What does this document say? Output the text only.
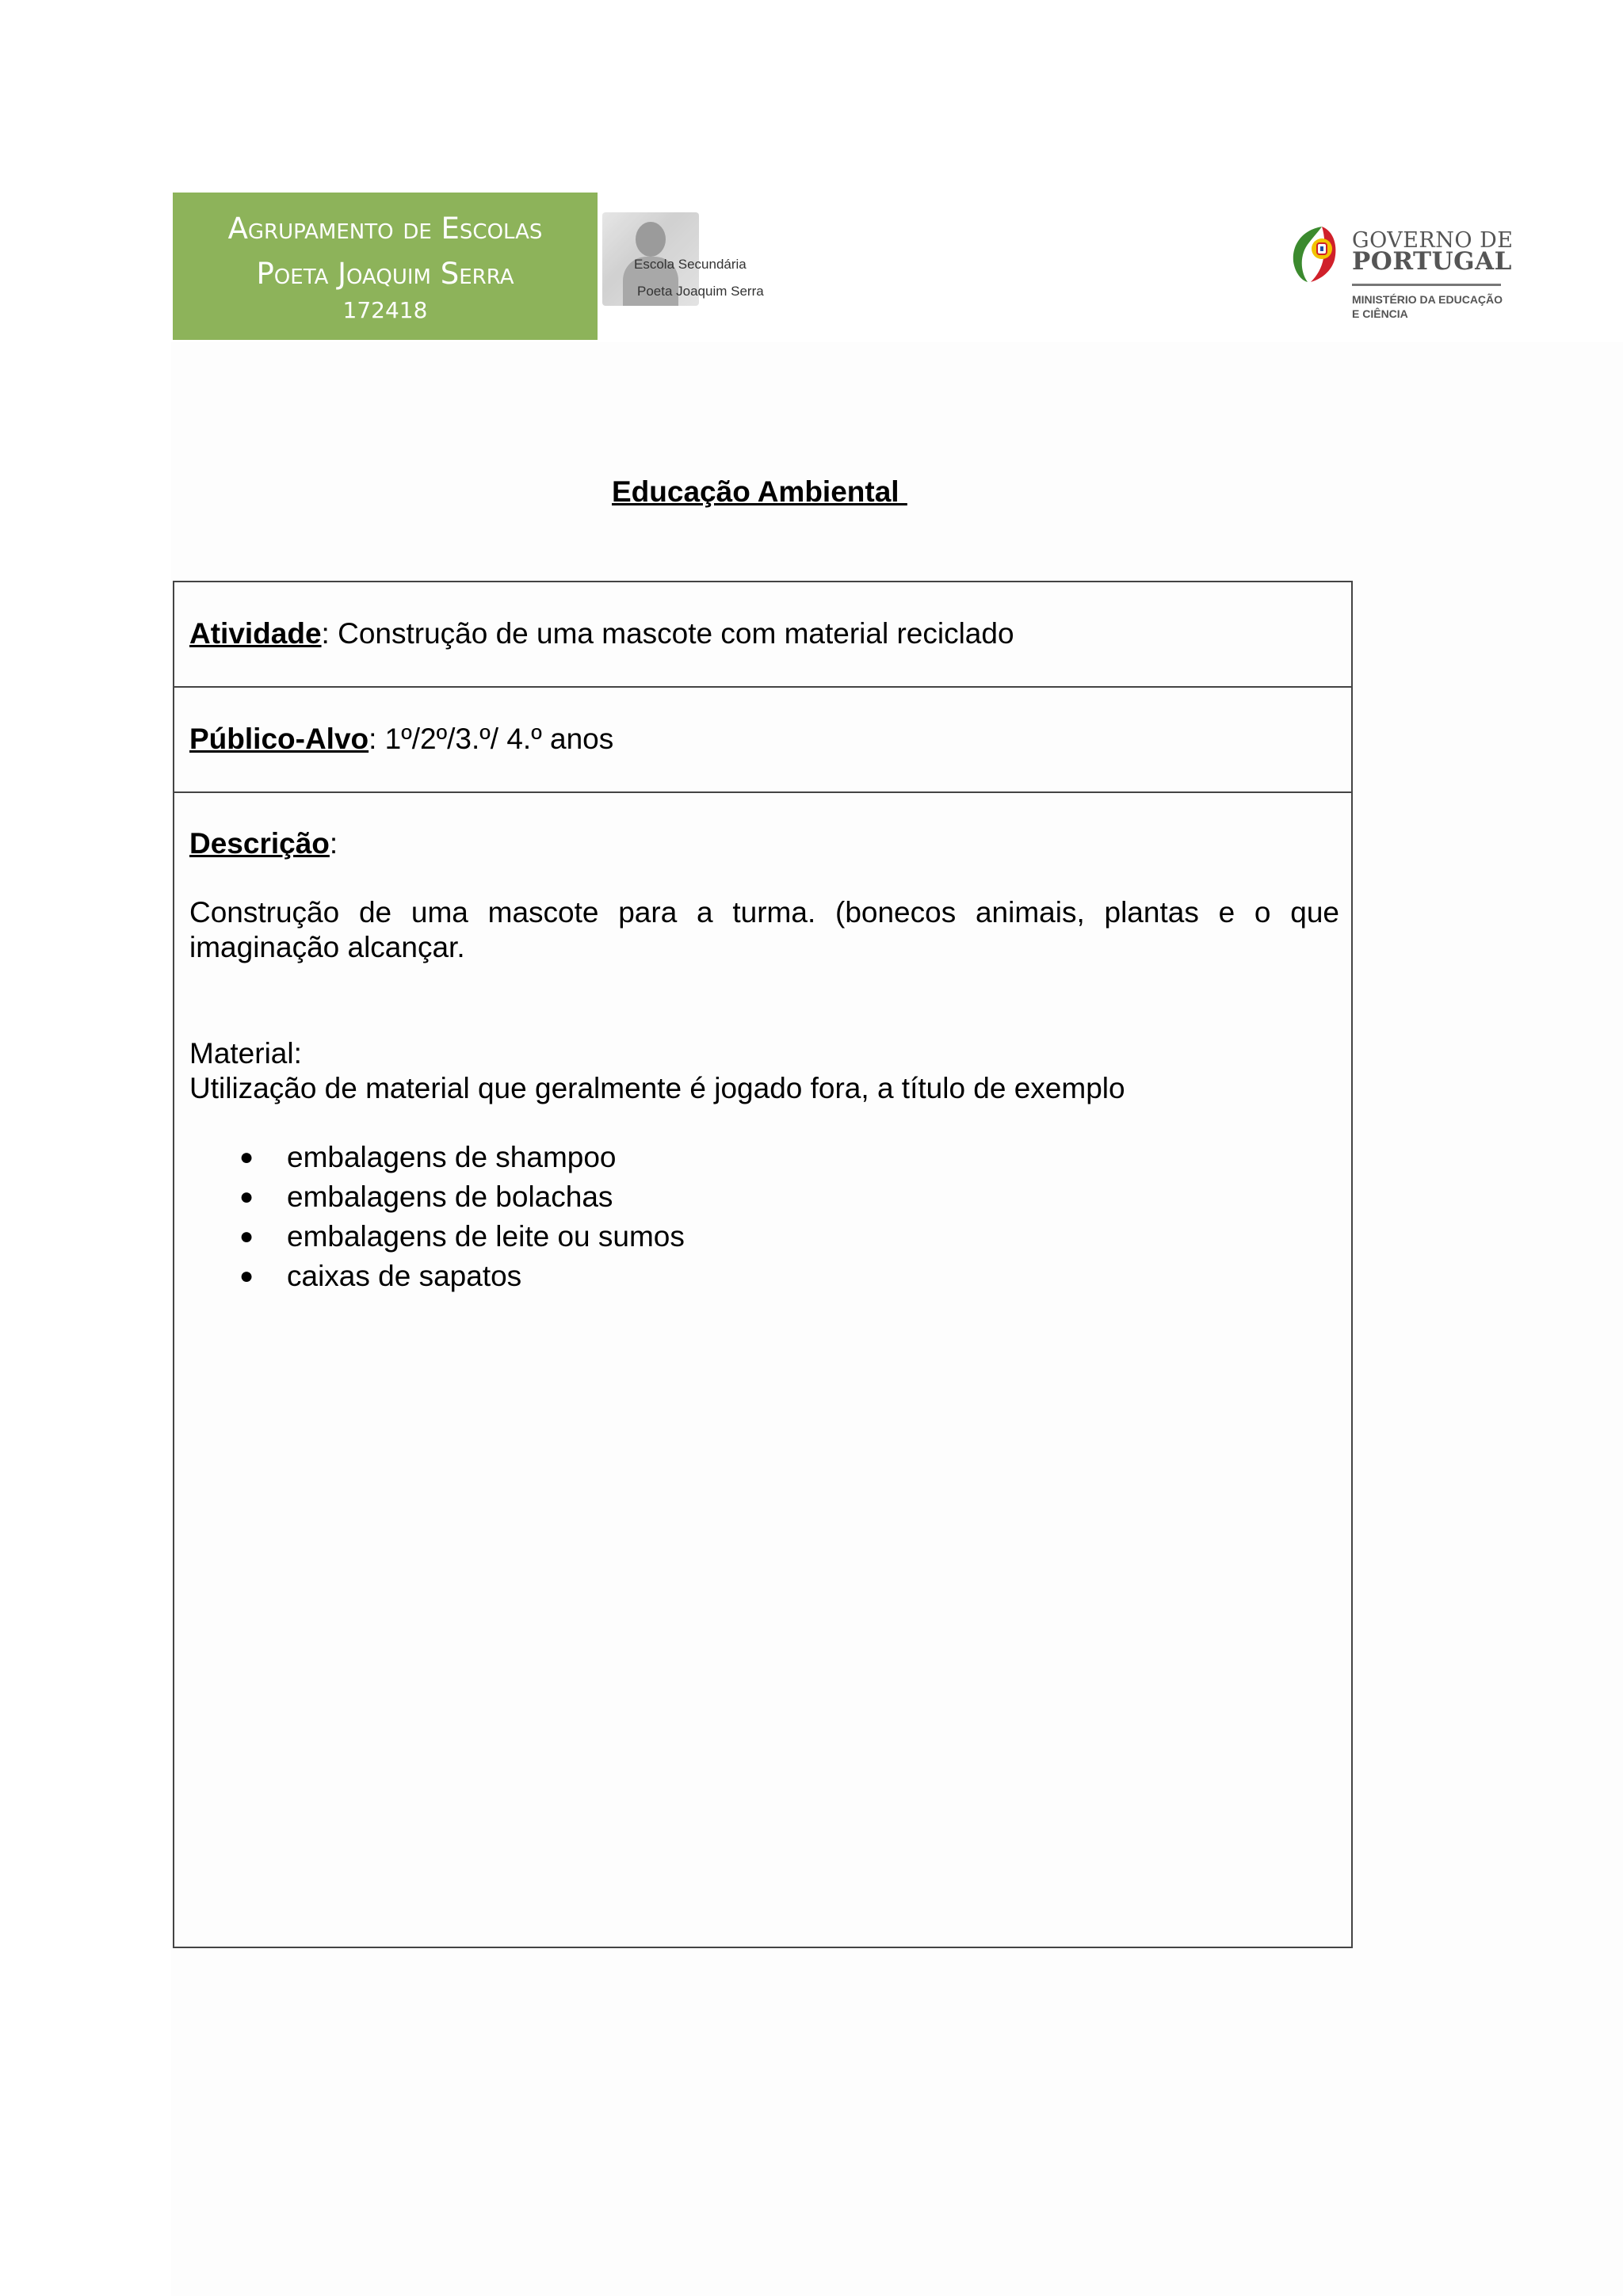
Agrupamento de Escolas
Poeta Joaquim Serra
172418
Escola Secundária
Poeta Joaquim Serra
GOVERNO DE
PORTUGAL
MINISTÉRIO DA EDUCAÇÃO
E CIÊNCIA
Educação Ambiental
Atividade: Construção de uma mascote com material reciclado
Público-Alvo: 1º/2º/3.º/ 4.º anos
Descrição:
Construção de uma mascote para a turma. (bonecos animais, plantas e o que imaginação alcançar.
Material:
Utilização de material que geralmente é jogado fora, a título de exemplo
● embalagens de shampoo
● embalagens de bolachas
● embalagens de leite ou sumos
● caixas de sapatos
